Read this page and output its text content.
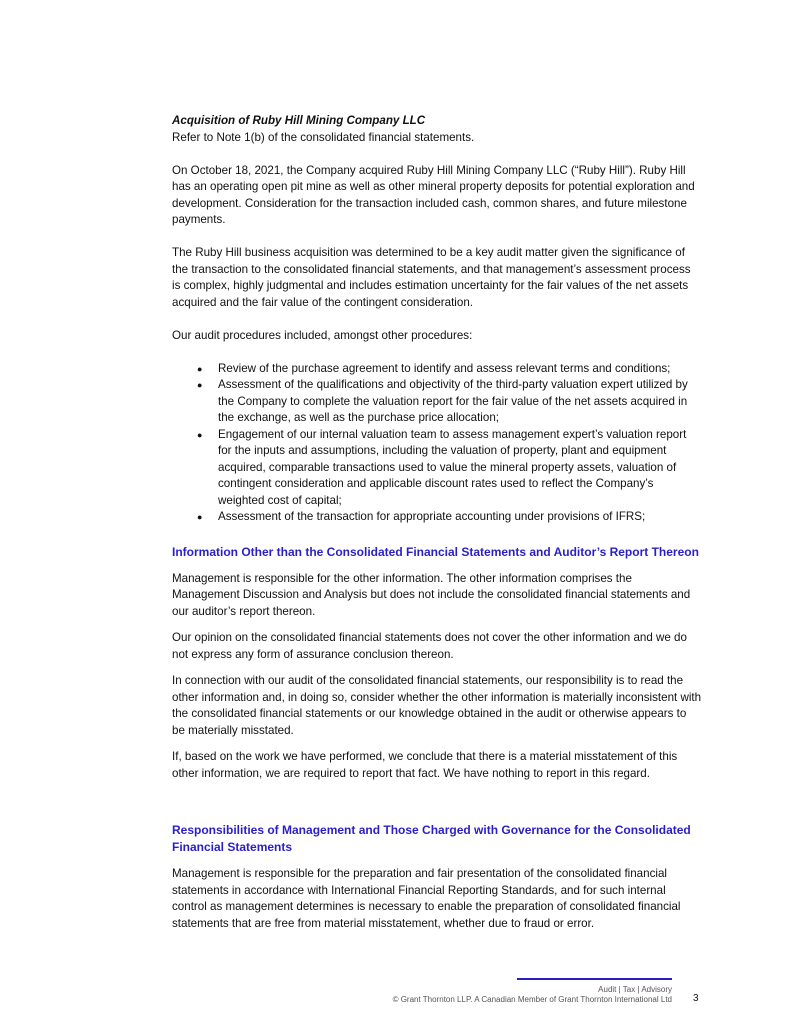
Acquisition of Ruby Hill Mining Company LLC

Refer to Note 1(b) of the consolidated financial statements.

On October 18, 2021, the Company acquired Ruby Hill Mining Company LLC (“Ruby Hill”). Ruby Hill has an operating open pit mine as well as other mineral property deposits for potential exploration and development. Consideration for the transaction included cash, common shares, and future milestone payments.

The Ruby Hill business acquisition was determined to be a key audit matter given the significance of the transaction to the consolidated financial statements, and that management’s assessment process is complex, highly judgmental and includes estimation uncertainty for the fair values of the net assets acquired and the fair value of the contingent consideration.

Our audit procedures included, amongst other procedures:

● Review of the purchase agreement to identify and assess relevant terms and conditions;
● Assessment of the qualifications and objectivity of the third-party valuation expert utilized by the Company to complete the valuation report for the fair value of the net assets acquired in the exchange, as well as the purchase price allocation;
● Engagement of our internal valuation team to assess management expert’s valuation report for the inputs and assumptions, including the valuation of property, plant and equipment acquired, comparable transactions used to value the mineral property assets, valuation of contingent consideration and applicable discount rates used to reflect the Company’s weighted cost of capital;
● Assessment of the transaction for appropriate accounting under provisions of IFRS;

Information Other than the Consolidated Financial Statements and Auditor’s Report Thereon

Management is responsible for the other information. The other information comprises the Management Discussion and Analysis but does not include the consolidated financial statements and our auditor’s report thereon.

Our opinion on the consolidated financial statements does not cover the other information and we do not express any form of assurance conclusion thereon.

In connection with our audit of the consolidated financial statements, our responsibility is to read the other information and, in doing so, consider whether the other information is materially inconsistent with the consolidated financial statements or our knowledge obtained in the audit or otherwise appears to be materially misstated.

If, based on the work we have performed, we conclude that there is a material misstatement of this other information, we are required to report that fact. We have nothing to report in this regard.

Responsibilities of Management and Those Charged with Governance for the Consolidated Financial Statements

Management is responsible for the preparation and fair presentation of the consolidated financial statements in accordance with International Financial Reporting Standards, and for such internal control as management determines is necessary to enable the preparation of consolidated financial statements that are free from material misstatement, whether due to fraud or error.

Audit | Tax | Advisory
© Grant Thornton LLP. A Canadian Member of Grant Thornton International Ltd 3
